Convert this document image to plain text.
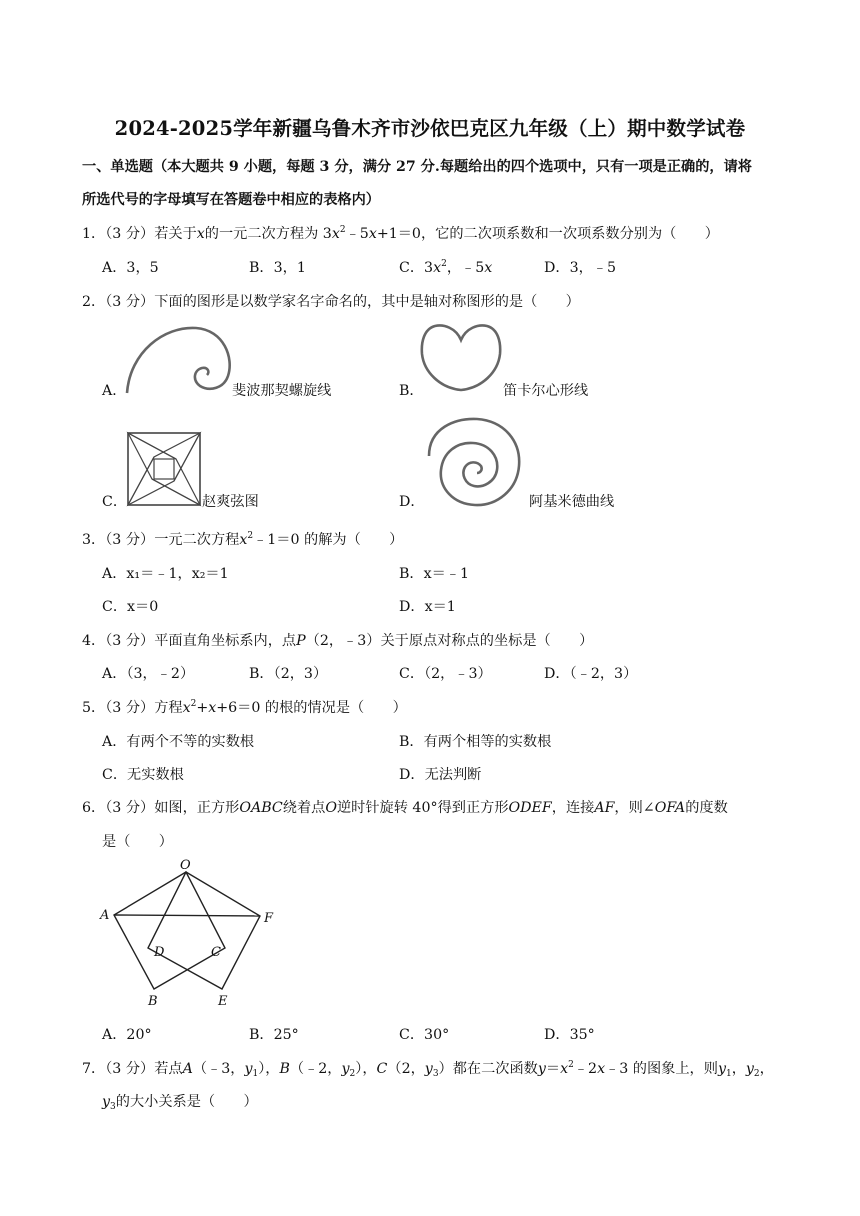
2024-2025学年新疆乌鲁木齐市沙依巴克区九年级（上）期中数学试卷
一、单选题（本大题共 9 小题，每题 3 分，满分 27 分.每题给出的四个选项中，只有一项是正确的，请将
所选代号的字母填写在答题卷中相应的表格内）
1．（3 分）若关于x的一元二次方程为 $3x^2﹣5x+1=0$，它的二次项系数和一次项系数分别为（　　）
A．3，5	B．3，1	C．$3x^2$，﹣5x	D．3，﹣5
2．（3 分）下面的图形是以数学家名字命名的，其中是轴对称图形的是（　　）
A．	斐波那契螺旋线	B．	笛卡尔心形线
C．	赵爽弦图	D．	阿基米德曲线
3．（3 分）一元二次方程$x^2﹣1=0$ 的解为（　　）
A．x₁＝﹣1，x₂＝1	B．x＝﹣1
C．x＝0	D．x＝1
4．（3 分）平面直角坐标系内，点P（2，﹣3）关于原点对称点的坐标是（　　）
A．（3，﹣2）	B．（2，3）	C．（2，﹣3）	D．（﹣2，3）
5．（3 分）方程$x^2+x+6=0$ 的根的情况是（　　）
A．有两个不等的实数根	B．有两个相等的实数根
C．无实数根	D．无法判断
6．（3 分）如图，正方形OABC绕着点O逆时针旋转 40°得到正方形ODEF，连接AF，则∠OFA的度数
是（　　）
O
A	F
D	C
B	E
A．20°	B．25°	C．30°	D．35°
7．（3 分）若点A（﹣3，$y_1$），B（﹣2，$y_2$），C（2，$y_3$）都在二次函数$y=x^2﹣2x﹣3$ 的图象上，则$y_1$，$y_2$，
$y_3$的大小关系是（　　）
